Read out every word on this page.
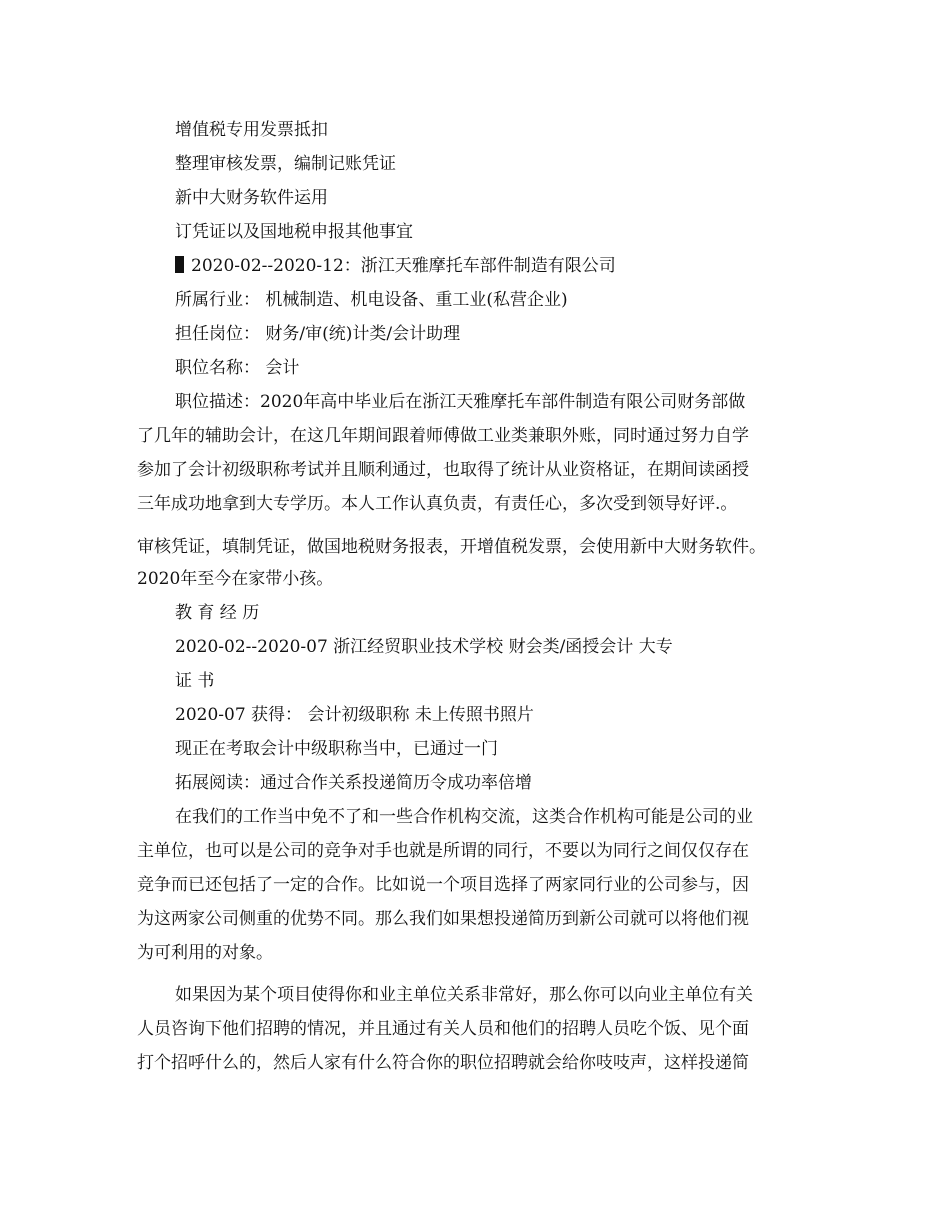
增值税专用发票抵扣
整理审核发票，编制记账凭证
新中大财务软件运用
订凭证以及国地税申报其他事宜
2020-02--2020-12：浙江天雅摩托车部件制造有限公司
所属行业： 机械制造、机电设备、重工业(私营企业)
担任岗位： 财务/审(统)计类/会计助理
职位名称： 会计
职位描述：2020年高中毕业后在浙江天雅摩托车部件制造有限公司财务部做
了几年的辅助会计，在这几年期间跟着师傅做工业类兼职外账，同时通过努力自学
参加了会计初级职称考试并且顺利通过，也取得了统计从业资格证，在期间读函授
三年成功地拿到大专学历。本人工作认真负责，有责任心，多次受到领导好评.。
审核凭证，填制凭证，做国地税财务报表，开增值税发票，会使用新中大财务软件。
2020年至今在家带小孩。
教 育 经 历
2020-02--2020-07 浙江经贸职业技术学校 财会类/函授会计 大专
证 书
2020-07 获得： 会计初级职称 未上传照书照片
现正在考取会计中级职称当中，已通过一门
拓展阅读：通过合作关系投递简历令成功率倍增
在我们的工作当中免不了和一些合作机构交流，这类合作机构可能是公司的业
主单位，也可以是公司的竞争对手也就是所谓的同行，不要以为同行之间仅仅存在
竞争而已还包括了一定的合作。比如说一个项目选择了两家同行业的公司参与，因
为这两家公司侧重的优势不同。那么我们如果想投递简历到新公司就可以将他们视
为可利用的对象。
如果因为某个项目使得你和业主单位关系非常好，那么你可以向业主单位有关
人员咨询下他们招聘的情况，并且通过有关人员和他们的招聘人员吃个饭、见个面
打个招呼什么的，然后人家有什么符合你的职位招聘就会给你吱吱声，这样投递简
